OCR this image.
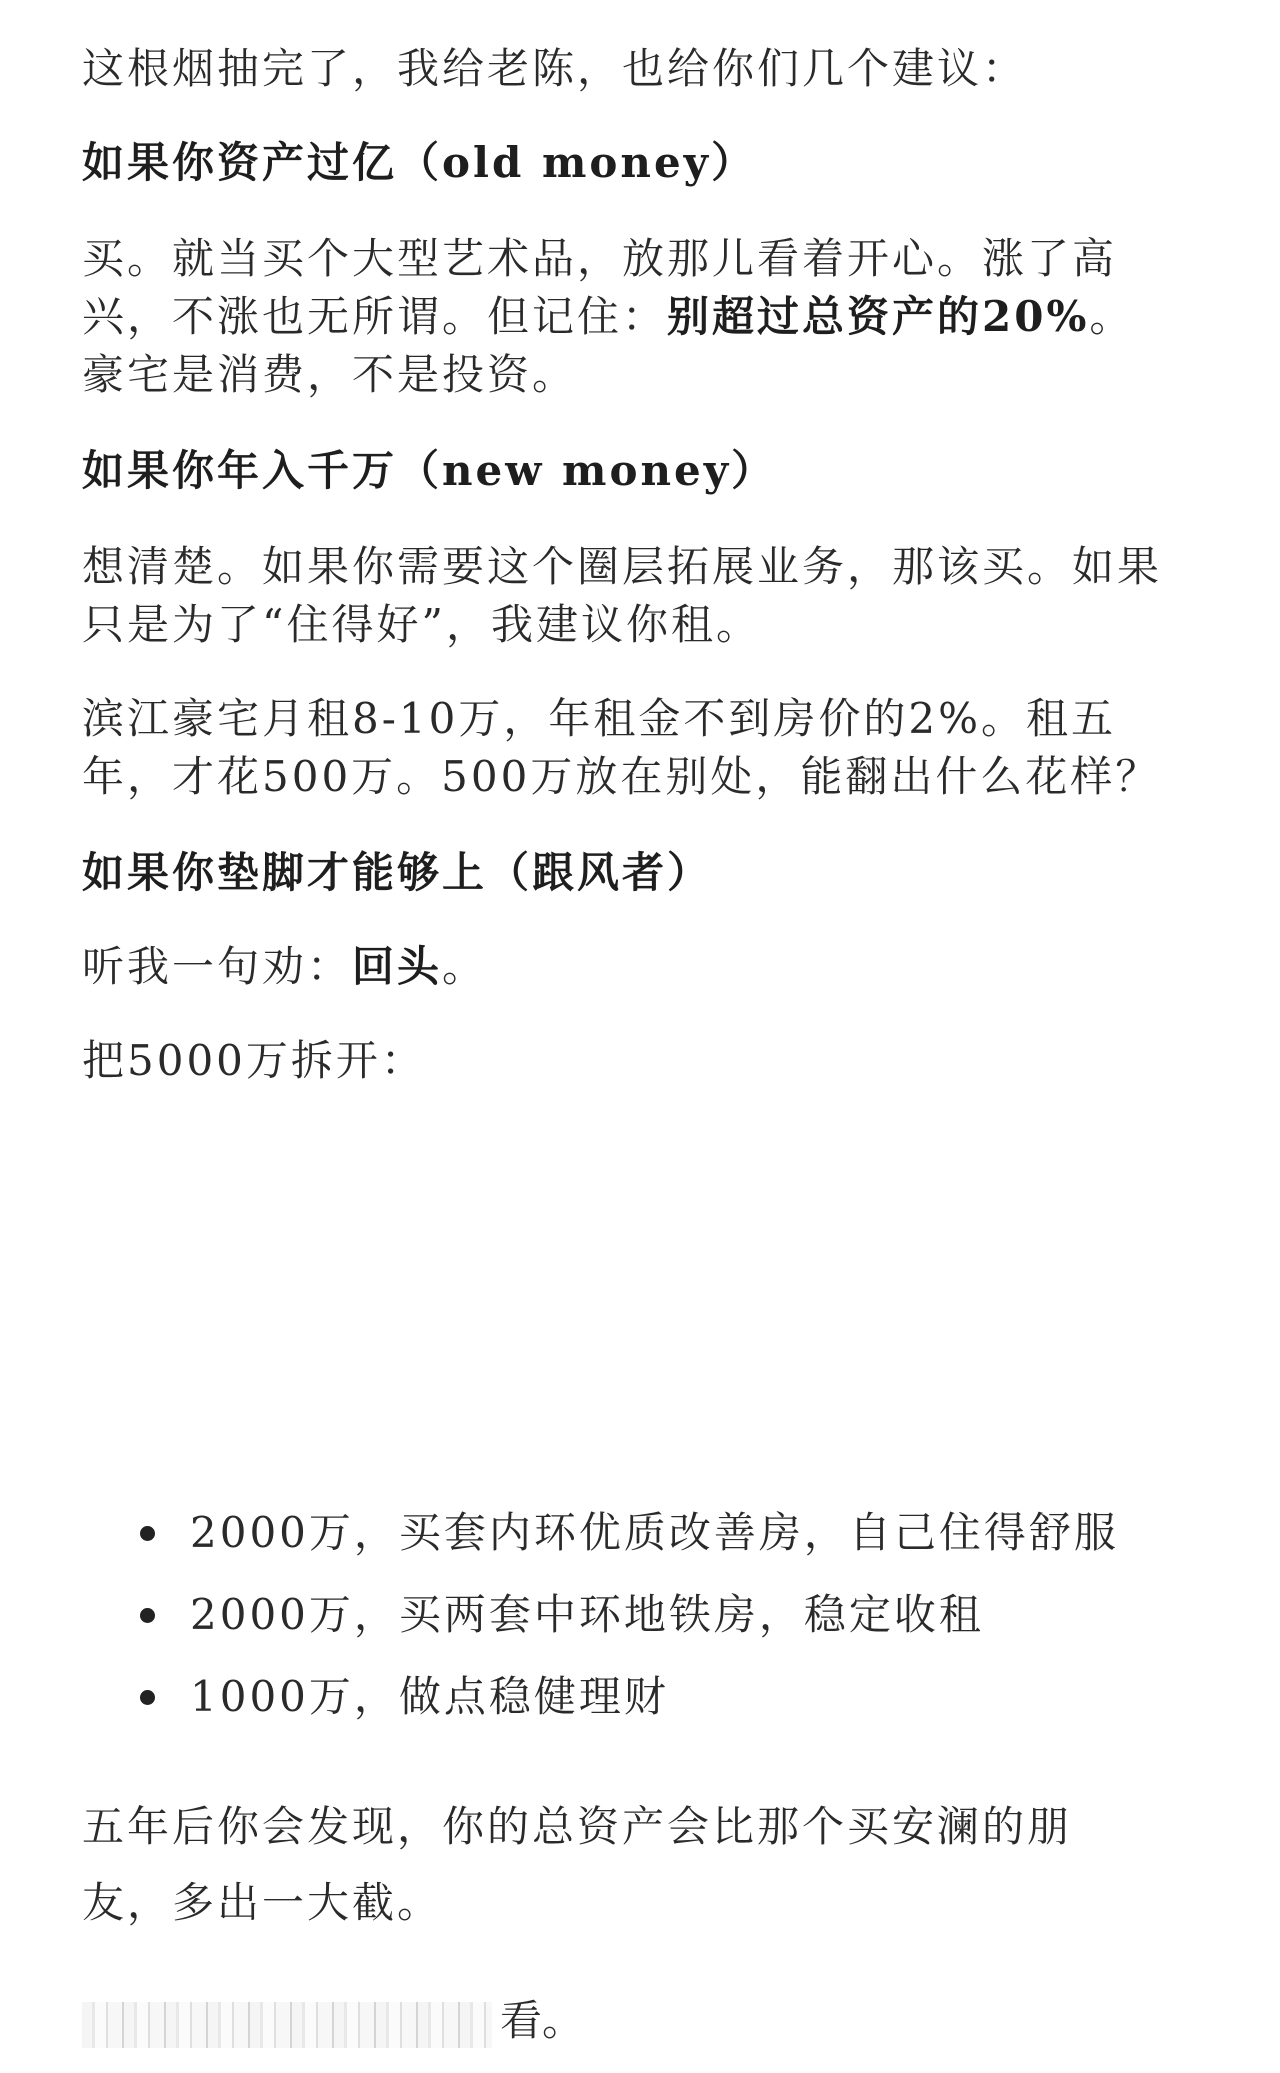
这根烟抽完了，我给老陈，也给你们几个建议：

如果你资产过亿（old money）

买。就当买个大型艺术品，放那儿看着开心。涨了高

兴，不涨也无所谓。但记住：别超过总资产的20%。

豪宅是消费，不是投资。

如果你年入千万（new money）

想清楚。如果你需要这个圈层拓展业务，那该买。如果

只是为了“住得好”，我建议你租。

滨江豪宅月租8-10万，年租金不到房价的2%。租五

年，才花500万。500万放在别处，能翻出什么花样？

如果你垫脚才能够上（跟风者）

听我一句劝：回头。

把5000万拆开：

2000万，买套内环优质改善房，自己住得舒服
2000万，买两套中环地铁房，稳定收租
1000万，做点稳健理财

五年后你会发现，你的总资产会比那个买安澜的朋

友，多出一大截。

看。
